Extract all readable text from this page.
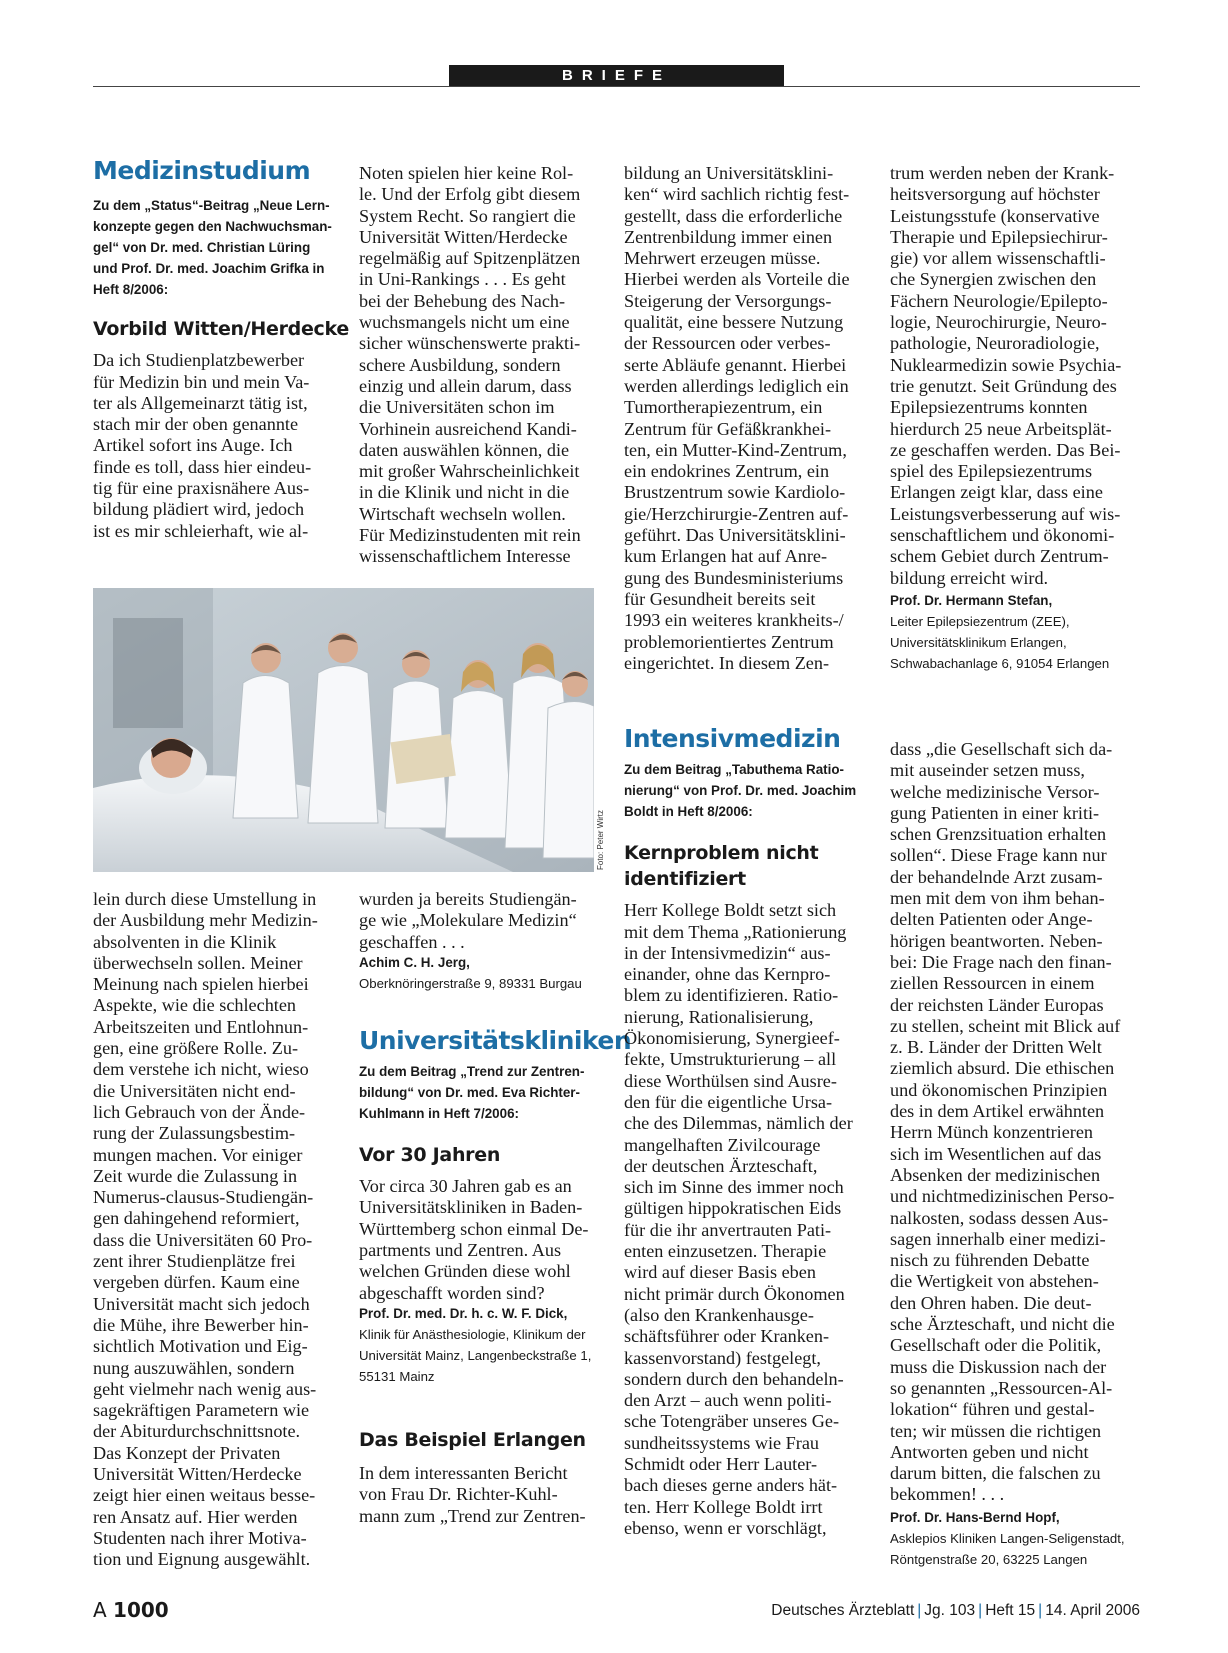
BRIEFE
Medizinstudium

Zu dem „Status“-Beitrag „Neue Lern-

konzepte gegen den Nachwuchsman-

gel“ von Dr. med. Christian Lüring

und Prof. Dr. med. Joachim Grifka in

Heft 8/2006:

Vorbild Witten/Herdecke

Da ich Studienplatzbewerber

für Medizin bin und mein Va-

ter als Allgemeinarzt tätig ist,

stach mir der oben genannte

Artikel sofort ins Auge. Ich

finde es toll, dass hier eindeu-

tig für eine praxisnähere Aus-

bildung plädiert wird, jedoch

ist es mir schleierhaft, wie al-

Noten spielen hier keine Rol-

le. Und der Erfolg gibt diesem

System Recht. So rangiert die

Universität Witten/Herdecke

regelmäßig auf Spitzenplätzen

in Uni-Rankings . . . Es geht

bei der Behebung des Nach-

wuchsmangels nicht um eine

sicher wünschenswerte prakti-

schere Ausbildung, sondern

einzig und allein darum, dass

die Universitäten schon im

Vorhinein ausreichend Kandi-

daten auswählen können, die

mit großer Wahrscheinlichkeit

in die Klinik und nicht in die

Wirtschaft wechseln wollen.

Für Medizinstudenten mit rein

wissenschaftlichem Interesse

bildung an Universitätsklini-

ken“ wird sachlich richtig fest-

gestellt, dass die erforderliche

Zentrenbildung immer einen

Mehrwert erzeugen müsse.

Hierbei werden als Vorteile die

Steigerung der Versorgungs-

qualität, eine bessere Nutzung

der Ressourcen oder verbes-

serte Abläufe genannt. Hierbei

werden allerdings lediglich ein

Tumortherapiezentrum, ein

Zentrum für Gefäßkrankhei-

ten, ein Mutter-Kind-Zentrum,

ein endokrines Zentrum, ein

Brustzentrum sowie Kardiolo-

gie/Herzchirurgie-Zentren auf-

geführt. Das Universitätsklini-

kum Erlangen hat auf Anre-

gung des Bundesministeriums

für Gesundheit bereits seit

1993 ein weiteres krankheits-/

problemorientiertes Zentrum

eingerichtet. In diesem Zen-

trum werden neben der Krank-

heitsversorgung auf höchster

Leistungsstufe (konservative

Therapie und Epilepsiechirur-

gie) vor allem wissenschaftli-

che Synergien zwischen den

Fächern Neurologie/Epilepto-

logie, Neurochirurgie, Neuro-

pathologie, Neuroradiologie,

Nuklearmedizin sowie Psychia-

trie genutzt. Seit Gründung des

Epilepsiezentrums konnten

hierdurch 25 neue Arbeitsplät-

ze geschaffen werden. Das Bei-

spiel des Epilepsiezentrums

Erlangen zeigt klar, dass eine

Leistungsverbesserung auf wis-

senschaftlichem und ökonomi-

schem Gebiet durch Zentrum-

bildung erreicht wird.

Prof. Dr. Hermann Stefan,

Leiter Epilepsiezentrum (ZEE),

Universitätsklinikum Erlangen,

Schwabachanlage 6, 91054 Erlangen

Foto: Peter Wirtz

lein durch diese Umstellung in

der Ausbildung mehr Medizin-

absolventen in die Klinik

überwechseln sollen. Meiner

Meinung nach spielen hierbei

Aspekte, wie die schlechten

Arbeitszeiten und Entlohnun-

gen, eine größere Rolle. Zu-

dem verstehe ich nicht, wieso

die Universitäten nicht end-

lich Gebrauch von der Ände-

rung der Zulassungsbestim-

mungen machen. Vor einiger

Zeit wurde die Zulassung in

Numerus-clausus-Studiengän-

gen dahingehend reformiert,

dass die Universitäten 60 Pro-

zent ihrer Studienplätze frei

vergeben dürfen. Kaum eine

Universität macht sich jedoch

die Mühe, ihre Bewerber hin-

sichtlich Motivation und Eig-

nung auszuwählen, sondern

geht vielmehr nach wenig aus-

sagekräftigen Parametern wie

der Abiturdurchschnittsnote.

Das Konzept der Privaten

Universität Witten/Herdecke

zeigt hier einen weitaus besse-

ren Ansatz auf. Hier werden

Studenten nach ihrer Motiva-

tion und Eignung ausgewählt.

wurden ja bereits Studiengän-

ge wie „Molekulare Medizin“

geschaffen . . .

Achim C. H. Jerg,

Oberknöringerstraße 9, 89331 Burgau

Universitätskliniken

Zu dem Beitrag „Trend zur Zentren-

bildung“ von Dr. med. Eva Richter-

Kuhlmann in Heft 7/2006:

Vor 30 Jahren

Vor circa 30 Jahren gab es an

Universitätskliniken in Baden-

Württemberg schon einmal De-

partments und Zentren. Aus

welchen Gründen diese wohl

abgeschafft worden sind?

Prof. Dr. med. Dr. h. c. W. F. Dick,

Klinik für Anästhesiologie, Klinikum der

Universität Mainz, Langenbeckstraße 1,

55131 Mainz

Das Beispiel Erlangen

In dem interessanten Bericht

von Frau Dr. Richter-Kuhl-

mann zum „Trend zur Zentren-

Intensivmedizin

Zu dem Beitrag „Tabuthema Ratio-

nierung“ von Prof. Dr. med. Joachim

Boldt in Heft 8/2006:

Kernproblem nicht

identifiziert

Herr Kollege Boldt setzt sich

mit dem Thema „Rationierung

in der Intensivmedizin“ aus-

einander, ohne das Kernpro-

blem zu identifizieren. Ratio-

nierung, Rationalisierung,

Ökonomisierung, Synergieef-

fekte, Umstrukturierung – all

diese Worthülsen sind Ausre-

den für die eigentliche Ursa-

che des Dilemmas, nämlich der

mangelhaften Zivilcourage

der deutschen Ärzteschaft,

sich im Sinne des immer noch

gültigen hippokratischen Eids

für die ihr anvertrauten Pati-

enten einzusetzen. Therapie

wird auf dieser Basis eben

nicht primär durch Ökonomen

(also den Krankenhausge-

schäftsführer oder Kranken-

kassenvorstand) festgelegt,

sondern durch den behandeln-

den Arzt – auch wenn politi-

sche Totengräber unseres Ge-

sundheitssystems wie Frau

Schmidt oder Herr Lauter-

bach dieses gerne anders hät-

ten. Herr Kollege Boldt irrt

ebenso, wenn er vorschlägt,

dass „die Gesellschaft sich da-

mit auseinder setzen muss,

welche medizinische Versor-

gung Patienten in einer kriti-

schen Grenzsituation erhalten

sollen“. Diese Frage kann nur

der behandelnde Arzt zusam-

men mit dem von ihm behan-

delten Patienten oder Ange-

hörigen beantworten. Neben-

bei: Die Frage nach den finan-

ziellen Ressourcen in einem

der reichsten Länder Europas

zu stellen, scheint mit Blick auf

z. B. Länder der Dritten Welt

ziemlich absurd. Die ethischen

und ökonomischen Prinzipien

des in dem Artikel erwähnten

Herrn Münch konzentrieren

sich im Wesentlichen auf das

Absenken der medizinischen

und nichtmedizinischen Perso-

nalkosten, sodass dessen Aus-

sagen innerhalb einer medizi-

nisch zu führenden Debatte

die Wertigkeit von abstehen-

den Ohren haben. Die deut-

sche Ärzteschaft, und nicht die

Gesellschaft oder die Politik,

muss die Diskussion nach der

so genannten „Ressourcen-Al-

lokation“ führen und gestal-

ten; wir müssen die richtigen

Antworten geben und nicht

darum bitten, die falschen zu

bekommen! . . .

Prof. Dr. Hans-Bernd Hopf,

Asklepios Kliniken Langen-Seligenstadt,

Röntgenstraße 20, 63225 Langen

A 1000	Deutsches Ärzteblatt | Jg. 103 | Heft 15 | 14. April 2006
